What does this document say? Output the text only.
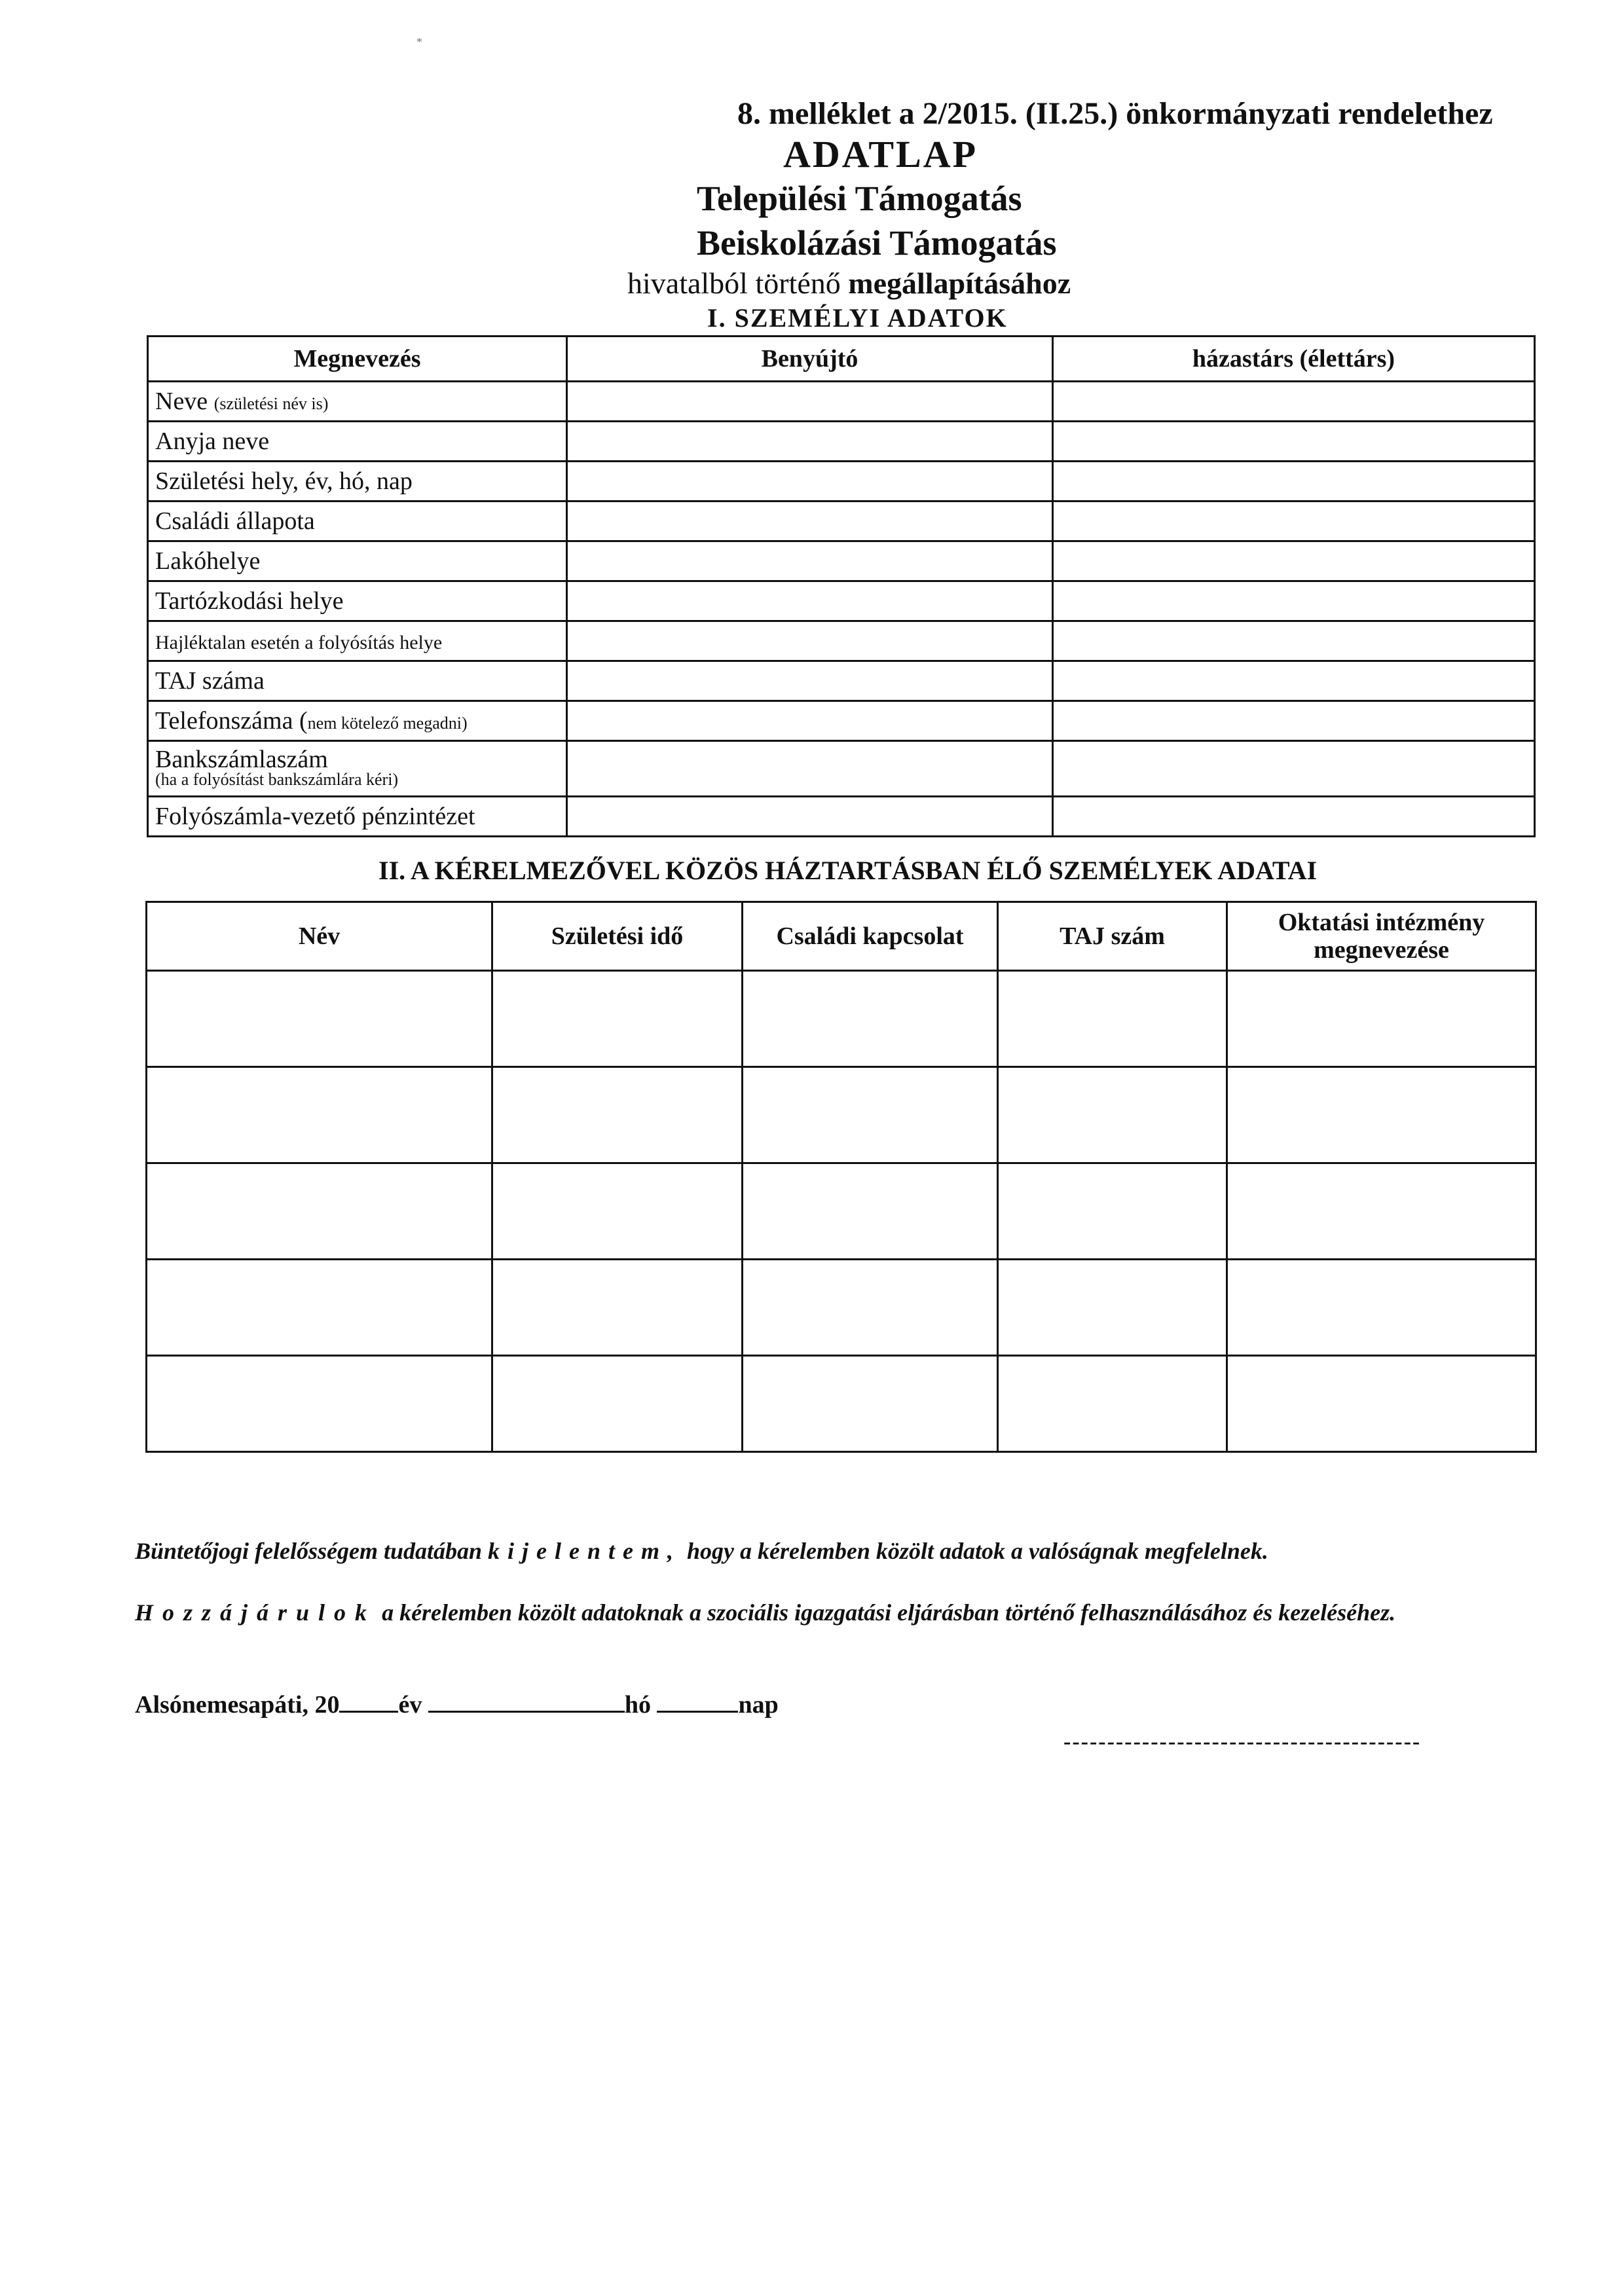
*
8. melléklet a 2/2015. (II.25.) önkormányzati rendelethez
ADATLAP
Települési Támogatás
Beiskolázási Támogatás
hivatalból történő megállapításához
I. SZEMÉLYI ADATOK
Megnevezés	Benyújtó	házastárs (élettárs)
Neve (születési név is)		
Anyja neve		
Születési hely, év, hó, nap		
Családi állapota		
Lakóhelye		
Tartózkodási helye		
Hajléktalan esetén a folyósítás helye		
TAJ száma		
Telefonszáma (nem kötelező megadni)		
Bankszámlaszám
(ha a folyósítást bankszámlára kéri)		

Folyószámla-vezető pénzintézet		
II. A KÉRELMEZŐVEL KÖZÖS HÁZTARTÁSBAN ÉLŐ SZEMÉLYEK ADATAI
Név	Születési idő	Családi kapcsolat	TAJ szám	Oktatási intézmény megnevezése

Büntetőjogi felelősségem tudatában kijelentem, hogy a kérelemben közölt adatok a valóságnak megfelelnek.
Hozzájárulok a kérelemben közölt adatoknak a szociális igazgatási eljárásban történő felhasználásához és kezeléséhez.
Alsónemesapáti, 20 év	hó	nap
-----------------------------------------
